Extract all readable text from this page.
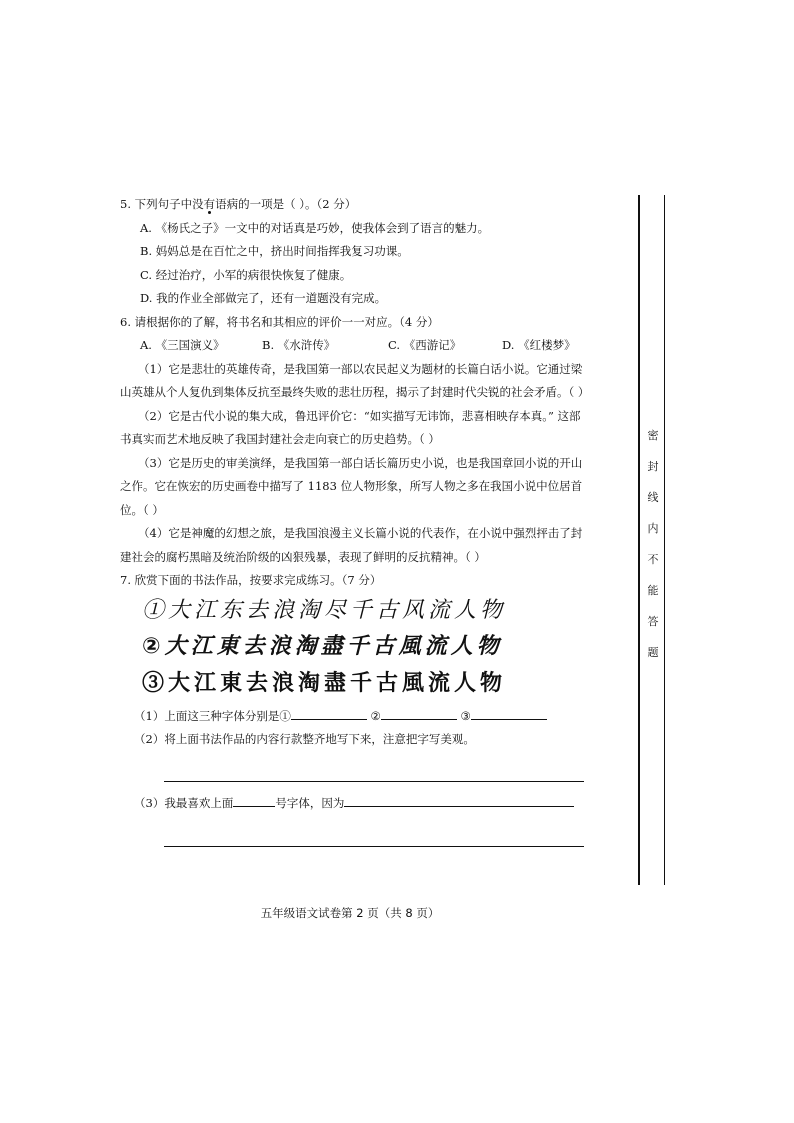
5. 下列句子中没有语病的一项是（ ）。（2 分）
A. 《杨氏之子》一文中的对话真是巧妙，使我体会到了语言的魅力。
B. 妈妈总是在百忙之中，挤出时间指挥我复习功课。
C. 经过治疗，小军的病很快恢复了健康。
D. 我的作业全部做完了，还有一道题没有完成。
6. 请根据你的了解，将书名和其相应的评价一一对应。（4 分）
A. 《三国演义》	B. 《水浒传》	C. 《西游记》	D. 《红楼梦》
（1）它是悲壮的英雄传奇，是我国第一部以农民起义为题材的长篇白话小说。它通过梁山英雄从个人复仇到集体反抗至最终失败的悲壮历程，揭示了封建时代尖锐的社会矛盾。（ ）
（2）它是古代小说的集大成，鲁迅评价它：“如实描写无讳饰，悲喜相映存本真。” 这部书真实而艺术地反映了我国封建社会走向衰亡的历史趋势。（ ）
（3）它是历史的审美演绎，是我国第一部白话长篇历史小说，也是我国章回小说的开山之作。它在恢宏的历史画卷中描写了 1183 位人物形象，所写人物之多在我国小说中位居首位。（ ）
（4）它是神魔的幻想之旅，是我国浪漫主义长篇小说的代表作，在小说中强烈抨击了封建社会的腐朽黑暗及统治阶级的凶狠残暴，表现了鲜明的反抗精神。（ ）
7. 欣赏下面的书法作品，按要求完成练习。（7 分）
①大江东去浪淘尽千古风流人物
②大江東去浪淘盡千古風流人物
③大江東去浪淘盡千古風流人物
（1）上面这三种字体分别是①	②	③
（2）将上面书法作品的内容行款整齐地写下来，注意把字写美观。
（3）我最喜欢上面	号字体，因为
密封线内不能答题
五年级语文试卷第 2 页（共 8 页）
